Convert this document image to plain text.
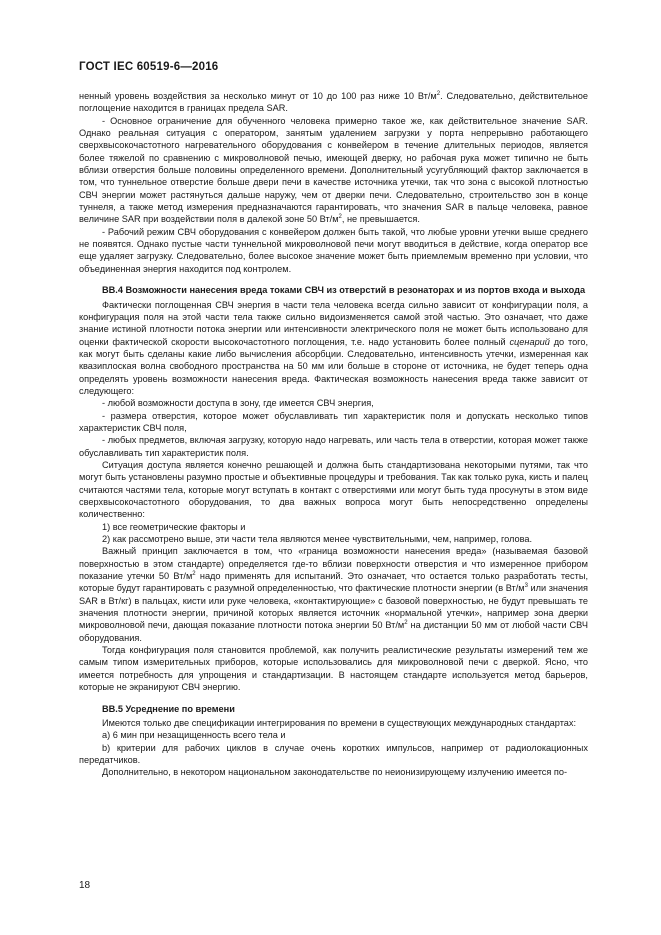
ГОСТ IEC 60519-6—2016

ненный уровень воздействия за несколько минут от 10 до 100 раз ниже 10 $Вт/м^2$. Следовательно, действительное поглощение находится в границах предела SAR.

- Основное ограничение для обученного человека примерно такое же, как действительное значение SAR. Однако реальная ситуация с оператором, занятым удалением загрузки у порта непрерывно работающего сверхвысокочастотного нагревательного оборудования с конвейером в течение длительных периодов, является более тяжелой по сравнению с микроволновой печью, имеющей дверку, но рабочая рука может типично не быть вблизи отверстия больше половины определенного времени. Дополнительный усугубляющий фактор заключается в том, что туннельное отверстие больше двери печи в качестве источника утечки, так что зона с высокой плотностью СВЧ энергии может растянуться дальше наружу, чем от дверки печи. Следовательно, строительство зон в конце туннеля, а также метод измерения предназначаются гарантировать, что значения SAR в пальце человека, равное величине SAR при воздействии поля в далекой зоне 50 $Вт/м^2$, не превышается.

- Рабочий режим СВЧ оборудования с конвейером должен быть такой, что любые уровни утечки выше среднего не появятся. Однако пустые части туннельной микроволновой печи могут вводиться в действие, когда оператор все еще удаляет загрузку. Следовательно, более высокое значение может быть приемлемым временно при условии, что объединенная энергия находится под контролем.

BB.4 Возможности нанесения вреда токами СВЧ из отверстий в резонаторах и из портов входа и выхода

Фактически поглощенная СВЧ энергия в части тела человека всегда сильно зависит от конфигурации поля, а конфигурация поля на этой части тела также сильно видоизменяется самой этой частью. Это означает, что даже знание истиной плотности потока энергии или интенсивности электрического поля не может быть использовано для оценки фактической скорости высокочастотного поглощения, т.е. надо установить более полный сценарий до того, как могут быть сделаны какие либо вычисления абсорбции. Следовательно, интенсивность утечки, измеренная как квазиплоская волна свободного пространства на 50 мм или больше в стороне от источника, не будет теперь одна определять уровень возможности нанесения вреда. Фактическая возможность нанесения вреда также зависит от следующего:

- любой возможности доступа в зону, где имеется СВЧ энергия,

- размера отверстия, которое может обуславливать тип характеристик поля и допускать несколько типов характеристик СВЧ поля,

- любых предметов, включая загрузку, которую надо нагревать, или часть тела в отверстии, которая может также обуславливать тип характеристик поля.

Ситуация доступа является конечно решающей и должна быть стандартизована некоторыми путями, так что могут быть установлены разумно простые и объективные процедуры и требования. Так как только рука, кисть и палец считаются частями тела, которые могут вступать в контакт с отверстиями или могут быть туда просунуты в этом виде сверхвысокочастотного оборудования, то два важных вопроса могут быть непосредственно определены количественно:

1) все геометрические факторы и

2) как рассмотрено выше, эти части тела являются менее чувствительными, чем, например, голова.

Важный принцип заключается в том, что «граница возможности нанесения вреда» (называемая базовой поверхностью в этом стандарте) определяется где-то вблизи поверхности отверстия и что измеренное прибором показание утечки 50 $Вт/м^2$ надо применять для испытаний. Это означает, что остается только разработать тесты, которые будут гарантировать с разумной определенностью, что фактические плотности энергии (в $Вт/м^3$ или значения SAR в Вт/кг) в пальцах, кисти или руке человека, «контактирующие» с базовой поверхностью, не будут превышать те значения плотности энергии, причиной которых является источник «нормальной утечки», например зона дверки микроволновой печи, дающая показание плотности потока энергии 50 $Вт/м^2$ на дистанции 50 мм от любой части СВЧ оборудования.

Тогда конфигурация поля становится проблемой, как получить реалистические результаты измерений тем же самым типом измерительных приборов, которые использовались для микроволновой печи с дверкой. Ясно, что имеется потребность для упрощения и стандартизации. В настоящем стандарте используется метод барьеров, которые не экранируют СВЧ энергию.

BB.5 Усреднение по времени

Имеются только две спецификации интегрирования по времени в существующих международных стандартах:

a) 6 мин при незащищенность всего тела и

b) критерии для рабочих циклов в случае очень коротких импульсов, например от радиолокационных передатчиков.

Дополнительно, в некотором национальном законодательстве по неионизирующему излучению имеется по-

18
